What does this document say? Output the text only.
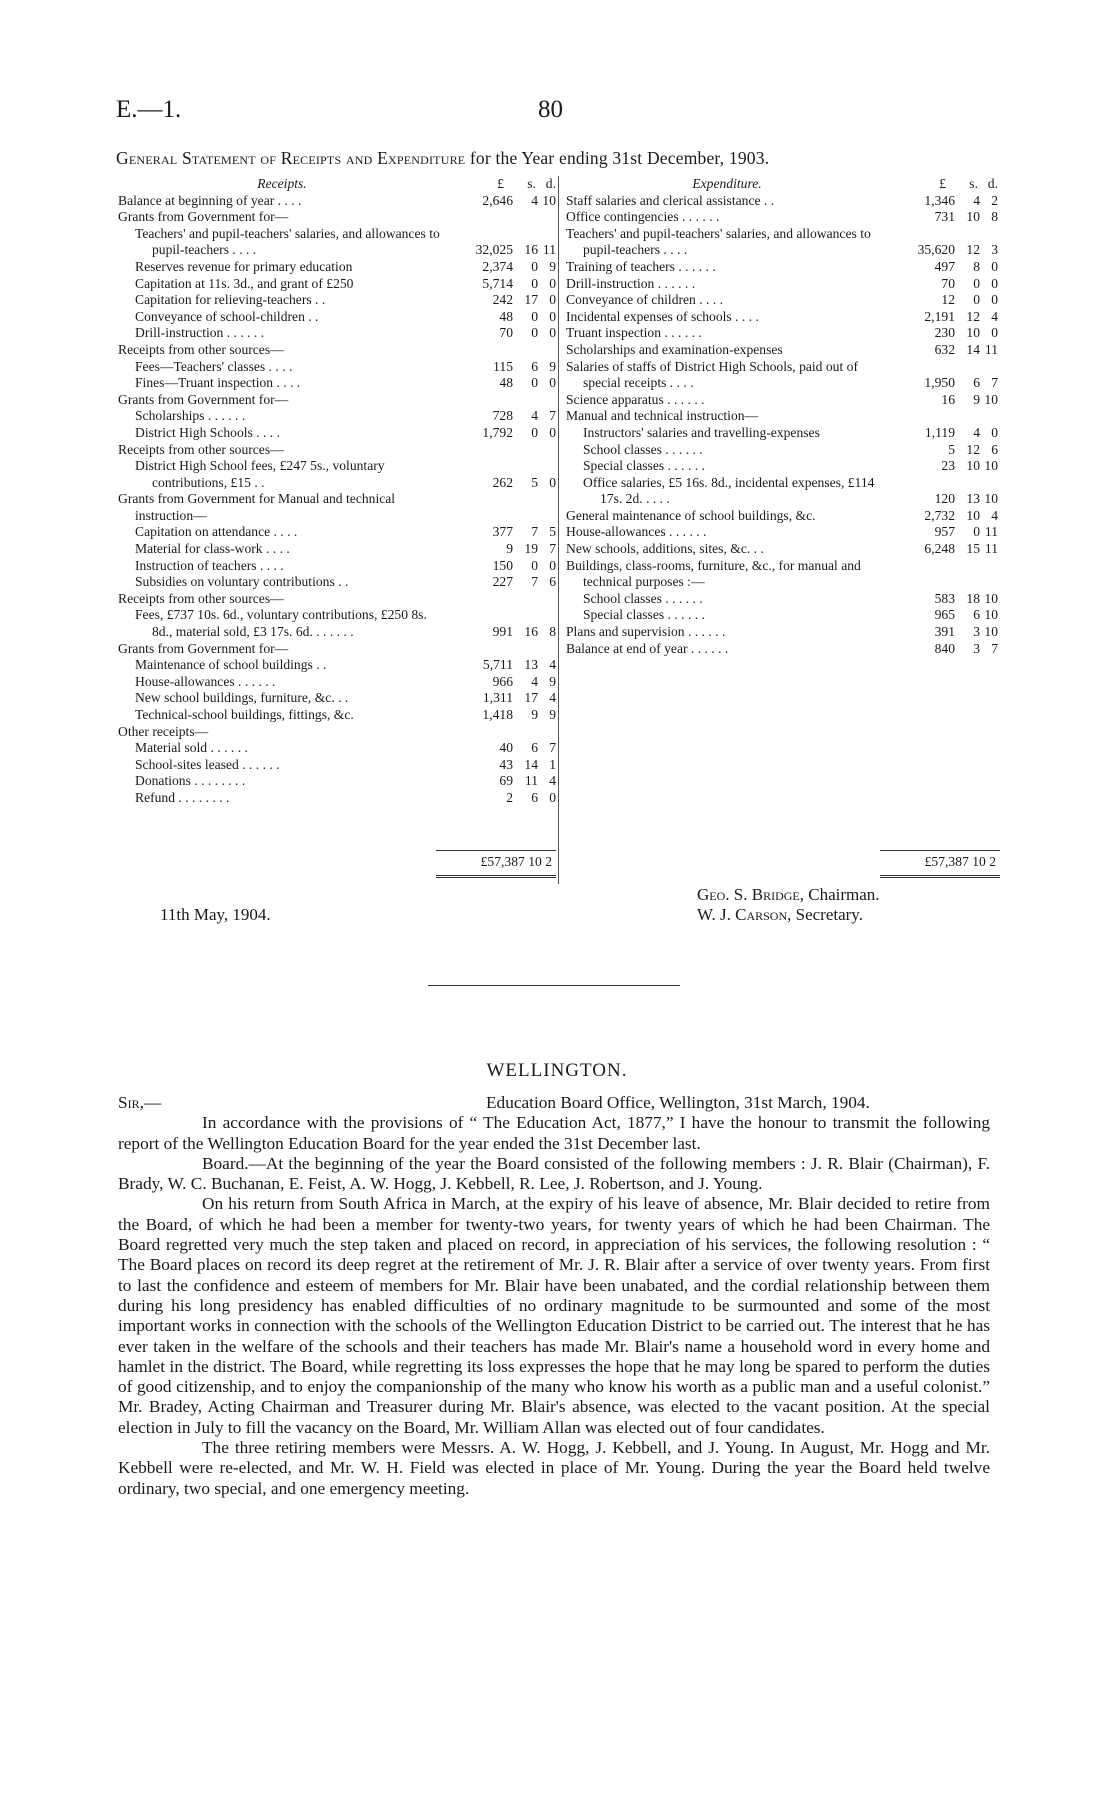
E.—1.	80
General Statement of Receipts and Expenditure for the Year ending 31st December, 1903.
Receipts.	£ s. d.
Balance at beginning of year . . . .	2,646	4 10
Grants from Government for—
Teachers' and pupil-teachers' salaries, and allowances to pupil-teachers . . . .	32,025 16 11
Reserves revenue for primary education	2,374	0 9
Capitation at 11s. 3d., and grant of £250	5,714	0 0
Capitation for relieving-teachers . .	242 17 0
Conveyance of school-children . .	48	0 0
Drill-instruction . . . . . .	70	0 0
Receipts from other sources—
Fees—Teachers' classes . . . .	115	6 9
Fines—Truant inspection . . . .	48	0 0
Grants from Government for—
Scholarships . . . . . .	728	4 7
District High Schools . . . .	1,792	0 0
Receipts from other sources—
District High School fees, £247 5s., voluntary contributions, £15 . .	262	5 0
Grants from Government for Manual and technical instruction—
Capitation on attendance . . . .	377	7 5
Material for class-work . . . .	9 19 7
Instruction of teachers . . . .	150	0 0
Subsidies on voluntary contributions . .	227	7 6
Receipts from other sources—
Fees, £737 10s. 6d., voluntary contributions, £250 8s. 8d., material sold, £3 17s. 6d. . . . . . .	991 16 8
Grants from Government for—
Maintenance of school buildings . .	5,711 13 4
House-allowances . . . . . .	966	4 9
New school buildings, furniture, &c. . .	1,311 17 4
Technical-school buildings, fittings, &c.	1,418	9 9
Other receipts—
Material sold . . . . . .	40	6 7
School-sites leased . . . . . .	43 14 1
Donations . . . . . . . .	69 11 4
Refund . . . . . . . .	2	6 0
Expenditure.	£ s. d.
Staff salaries and clerical assistance . .	1,346	4 2
Office contingencies . . . . . .	731 10 8
Teachers' and pupil-teachers' salaries, and allowances to pupil-teachers . . . .	35,620 12 3
Training of teachers . . . . . .	497	8 0
Drill-instruction . . . . . .	70	0 0
Conveyance of children . . . .	12	0 0
Incidental expenses of schools . . . .	2,191 12 4
Truant inspection . . . . . .	230 10 0
Scholarships and examination-expenses	632 14 11
Salaries of staffs of District High Schools, paid out of special receipts . . . .	1,950	6 7
Science apparatus . . . . . .	16	9 10
Manual and technical instruction—
Instructors' salaries and travelling-expenses	1,119	4 0
School classes . . . . . .	5 12 6
Special classes . . . . . .	23 10 10
Office salaries, £5 16s. 8d., incidental expenses, £114 17s. 2d. . . . .	120 13 10
General maintenance of school buildings, &c.	2,732 10 4
House-allowances . . . . . .	957	0 11
New schools, additions, sites, &c. . .	6,248 15 11
Buildings, class-rooms, furniture, &c., for manual and technical purposes :—
School classes . . . . . .	583 18 10
Special classes . . . . . .	965	6 10
Plans and supervision . . . . . .	391	3 10
Balance at end of year . . . . . .	840	3 7
£57,387 10 2	£57,387 10 2
11th May, 1904.
Geo. S. Bridge, Chairman.
W. J. Carson, Secretary.
WELLINGTON.

Sir,—	Education Board Office, Wellington, 31st March, 1904.

In accordance with the provisions of “ The Education Act, 1877,” I have the honour to transmit the following report of the Wellington Education Board for the year ended the 31st December last.

Board.—At the beginning of the year the Board consisted of the following members : J. R. Blair (Chairman), F. Brady, W. C. Buchanan, E. Feist, A. W. Hogg, J. Kebbell, R. Lee, J. Robertson, and J. Young.

On his return from South Africa in March, at the expiry of his leave of absence, Mr. Blair decided to retire from the Board, of which he had been a member for twenty-two years, for twenty years of which he had been Chairman. The Board regretted very much the step taken and placed on record, in appreciation of his services, the following resolution : “ The Board places on record its deep regret at the retirement of Mr. J. R. Blair after a service of over twenty years. From first to last the confidence and esteem of members for Mr. Blair have been unabated, and the cordial relationship between them during his long presidency has enabled difficulties of no ordinary magnitude to be surmounted and some of the most important works in connection with the schools of the Wellington Education District to be carried out. The interest that he has ever taken in the welfare of the schools and their teachers has made Mr. Blair's name a household word in every home and hamlet in the district. The Board, while regretting its loss expresses the hope that he may long be spared to perform the duties of good citizenship, and to enjoy the companionship of the many who know his worth as a public man and a useful colonist.” Mr. Bradey, Acting Chairman and Treasurer during Mr. Blair's absence, was elected to the vacant position. At the special election in July to fill the vacancy on the Board, Mr. William Allan was elected out of four candidates.

The three retiring members were Messrs. A. W. Hogg, J. Kebbell, and J. Young. In August, Mr. Hogg and Mr. Kebbell were re-elected, and Mr. W. H. Field was elected in place of Mr. Young. During the year the Board held twelve ordinary, two special, and one emergency meeting.
